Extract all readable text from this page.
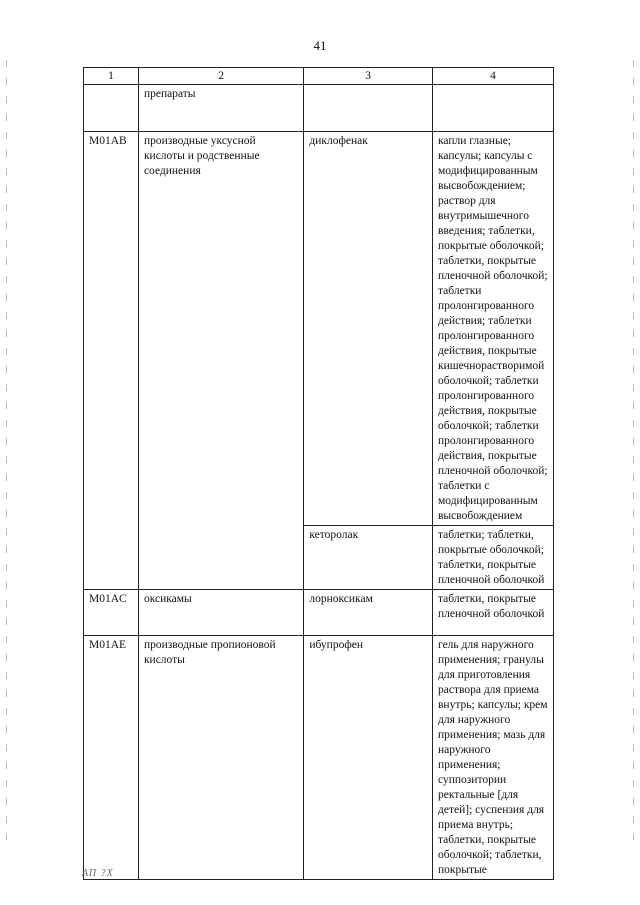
41
1	2	3	4
	препараты		
M01AB	производные уксусной кислоты и родственные соединения	диклофенак	капли глазные; капсулы; капсулы с модифицированным высвобождением; раствор для внутримышечного введения; таблетки, покрытые оболочкой; таблетки, покрытые пленочной оболочкой; таблетки пролонгированного действия; таблетки пролонгированного действия, покрытые кишечнорастворимой оболочкой; таблетки пролонгированного действия, покрытые оболочкой; таблетки пролонгированного действия, покрытые пленочной оболочкой; таблетки с модифицированным высвобождением
		кеторолак	таблетки; таблетки, покрытые оболочкой; таблетки, покрытые пленочной оболочкой
M01AC	оксикамы	лорноксикам	таблетки, покрытые пленочной оболочкой
M01AE	производные пропионовой кислоты	ибупрофен	гель для наружного применения; гранулы для приготовления раствора для приема внутрь; капсулы; крем для наружного применения; мазь для наружного применения; суппозитории ректальные [для детей]; суспензия для приема внутрь; таблетки, покрытые оболочкой; таблетки, покрытые
АП ?Х
